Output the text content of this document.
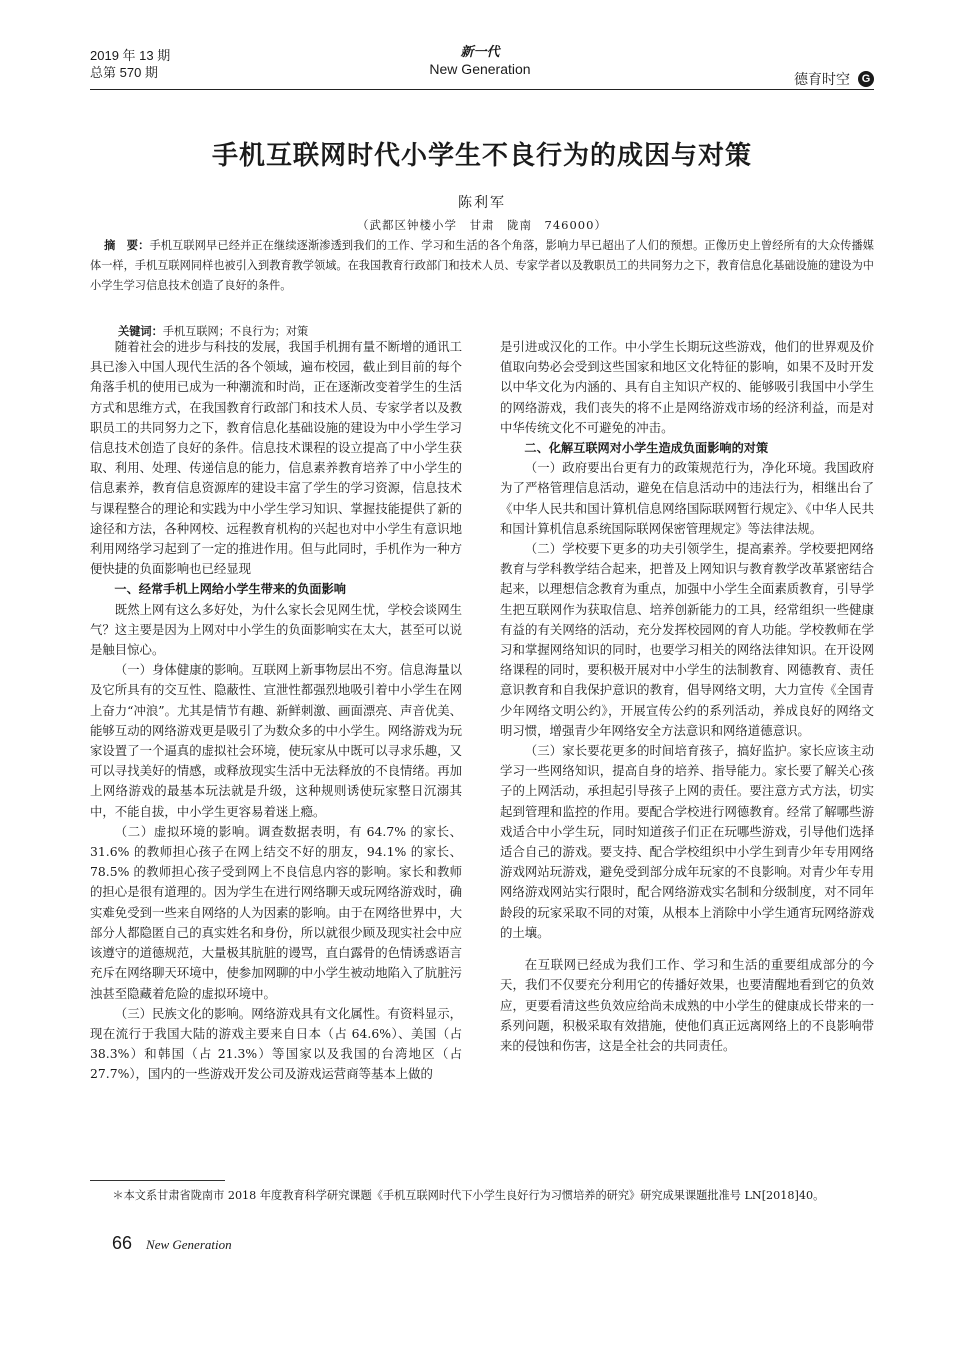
2019 年 13 期
总第 570 期
新一代
New Generation
德育时空	G
手机互联网时代小学生不良行为的成因与对策
陈利军
（武都区钟楼小学　甘肃　陇南　746000）
摘　要：手机互联网早已经并正在继续逐渐渗透到我们的工作、学习和生活的各个角落，影响力早已超出了人们的预想。正像历史上曾经所有的大众传播媒体一样，手机互联网同样也被引入到教育教学领域。在我国教育行政部门和技术人员、专家学者以及教职员工的共同努力之下，教育信息化基础设施的建设为中小学生学习信息技术创造了良好的条件。
关键词：手机互联网；不良行为；对策

随着社会的进步与科技的发展，我国手机拥有量不断增的通讯工具已渗入中国人现代生活的各个领域，遍布校园，截止到目前的每个角落手机的使用已成为一种潮流和时尚，正在逐渐改变着学生的生活方式和思维方式，在我国教育行政部门和技术人员、专家学者以及教职员工的共同努力之下，教育信息化基础设施的建设为中小学生学习信息技术创造了良好的条件。信息技术课程的设立提高了中小学生获取、利用、处理、传递信息的能力，信息素养教育培养了中小学生的信息素养，教育信息资源库的建设丰富了学生的学习资源，信息技术与课程整合的理论和实践为中小学生学习知识、掌握技能提供了新的途径和方法，各种网校、远程教育机构的兴起也对中小学生有意识地利用网络学习起到了一定的推进作用。但与此同时，手机作为一种方便快捷的负面影响也已经显现

一、经常手机上网给小学生带来的负面影响

既然上网有这么多好处，为什么家长会见网生忧，学校会谈网生气？这主要是因为上网对中小学生的负面影响实在太大，甚至可以说是触目惊心。

（一）身体健康的影响。互联网上新事物层出不穷。信息海量以及它所具有的交互性、隐蔽性、宣泄性都强烈地吸引着中小学生在网上奋力“冲浪”。尤其是情节有趣、新鲜刺激、画面漂亮、声音优美、能够互动的网络游戏更是吸引了为数众多的中小学生。网络游戏为玩家设置了一个逼真的虚拟社会环境，使玩家从中既可以寻求乐趣，又可以寻找美好的情感，或释放现实生活中无法释放的不良情绪。再加上网络游戏的最基本玩法就是升级，这种规则诱使玩家整日沉溺其中，不能自拔，中小学生更容易着迷上瘾。

（二）虚拟环境的影响。调查数据表明，有 64.7% 的家长、31.6% 的教师担心孩子在网上结交不好的朋友，94.1% 的家长、78.5% 的教师担心孩子受到网上不良信息内容的影响。家长和教师的担心是很有道理的。因为学生在进行网络聊天或玩网络游戏时，确实难免受到一些来自网络的人为因素的影响。由于在网络世界中，大部分人都隐匿自己的真实姓名和身份，所以就很少顾及现实社会中应该遵守的道德规范，大量极其肮脏的谩骂，直白露骨的色情诱惑语言充斥在网络聊天环境中，使参加网聊的中小学生被动地陷入了肮脏污浊甚至隐藏着危险的虚拟环境中。

（三）民族文化的影响。网络游戏具有文化属性。有资料显示，现在流行于我国大陆的游戏主要来自日本（占 64.6%）、美国（占 38.3%）和韩国（占 21.3%）等国家以及我国的台湾地区（占 27.7%），国内的一些游戏开发公司及游戏运营商等基本上做的

是引进或汉化的工作。中小学生长期玩这些游戏，他们的世界观及价值取向势必会受到这些国家和地区文化特征的影响，如果不及时开发以中华文化为内涵的、具有自主知识产权的、能够吸引我国中小学生的网络游戏，我们丧失的将不止是网络游戏市场的经济利益，而是对中华传统文化不可避免的冲击。

二、化解互联网对小学生造成负面影响的对策

（一）政府要出台更有力的政策规范行为，净化环境。我国政府为了严格管理信息活动，避免在信息活动中的违法行为，相继出台了《中华人民共和国计算机信息网络国际联网暂行规定》、《中华人民共和国计算机信息系统国际联网保密管理规定》等法律法规。

（二）学校要下更多的功夫引领学生，提高素养。学校要把网络教育与学科教学结合起来，把普及上网知识与教育教学改革紧密结合起来，以理想信念教育为重点，加强中小学生全面素质教育，引导学生把互联网作为获取信息、培养创新能力的工具，经常组织一些健康有益的有关网络的活动，充分发挥校园网的育人功能。学校教师在学习和掌握网络知识的同时，也要学习相关的网络法律知识。在开设网络课程的同时，要积极开展对中小学生的法制教育、网德教育、责任意识教育和自我保护意识的教育，倡导网络文明，大力宣传《全国青少年网络文明公约》，开展宣传公约的系列活动，养成良好的网络文明习惯，增强青少年网络安全方法意识和网络道德意识。

（三）家长要花更多的时间培育孩子，搞好监护。家长应该主动学习一些网络知识，提高自身的培养、指导能力。家长要了解关心孩子的上网活动，承担起引导孩子上网的责任。要注意方式方法，切实起到管理和监控的作用。要配合学校进行网德教育。经常了解哪些游戏适合中小学生玩，同时知道孩子们正在玩哪些游戏，引导他们选择适合自己的游戏。要支持、配合学校组织中小学生到青少年专用网络游戏网站玩游戏，避免受到部分成年玩家的不良影响。对青少年专用网络游戏网站实行限时，配合网络游戏实名制和分级制度，对不同年龄段的玩家采取不同的对策，从根本上消除中小学生通宵玩网络游戏的土壤。

在互联网已经成为我们工作、学习和生活的重要组成部分的今天，我们不仅要充分利用它的传播好效果，也要清醒地看到它的负效应，更要看清这些负效应给尚未成熟的中小学生的健康成长带来的一系列问题，积极采取有效措施，使他们真正远离网络上的不良影响带来的侵蚀和伤害，这是全社会的共同责任。

＊本文系甘肃省陇南市 2018 年度教育科学研究课题《手机互联网时代下小学生良好行为习惯培养的研究》研究成果课题批准号 LN[2018]40。
66 New Generation
